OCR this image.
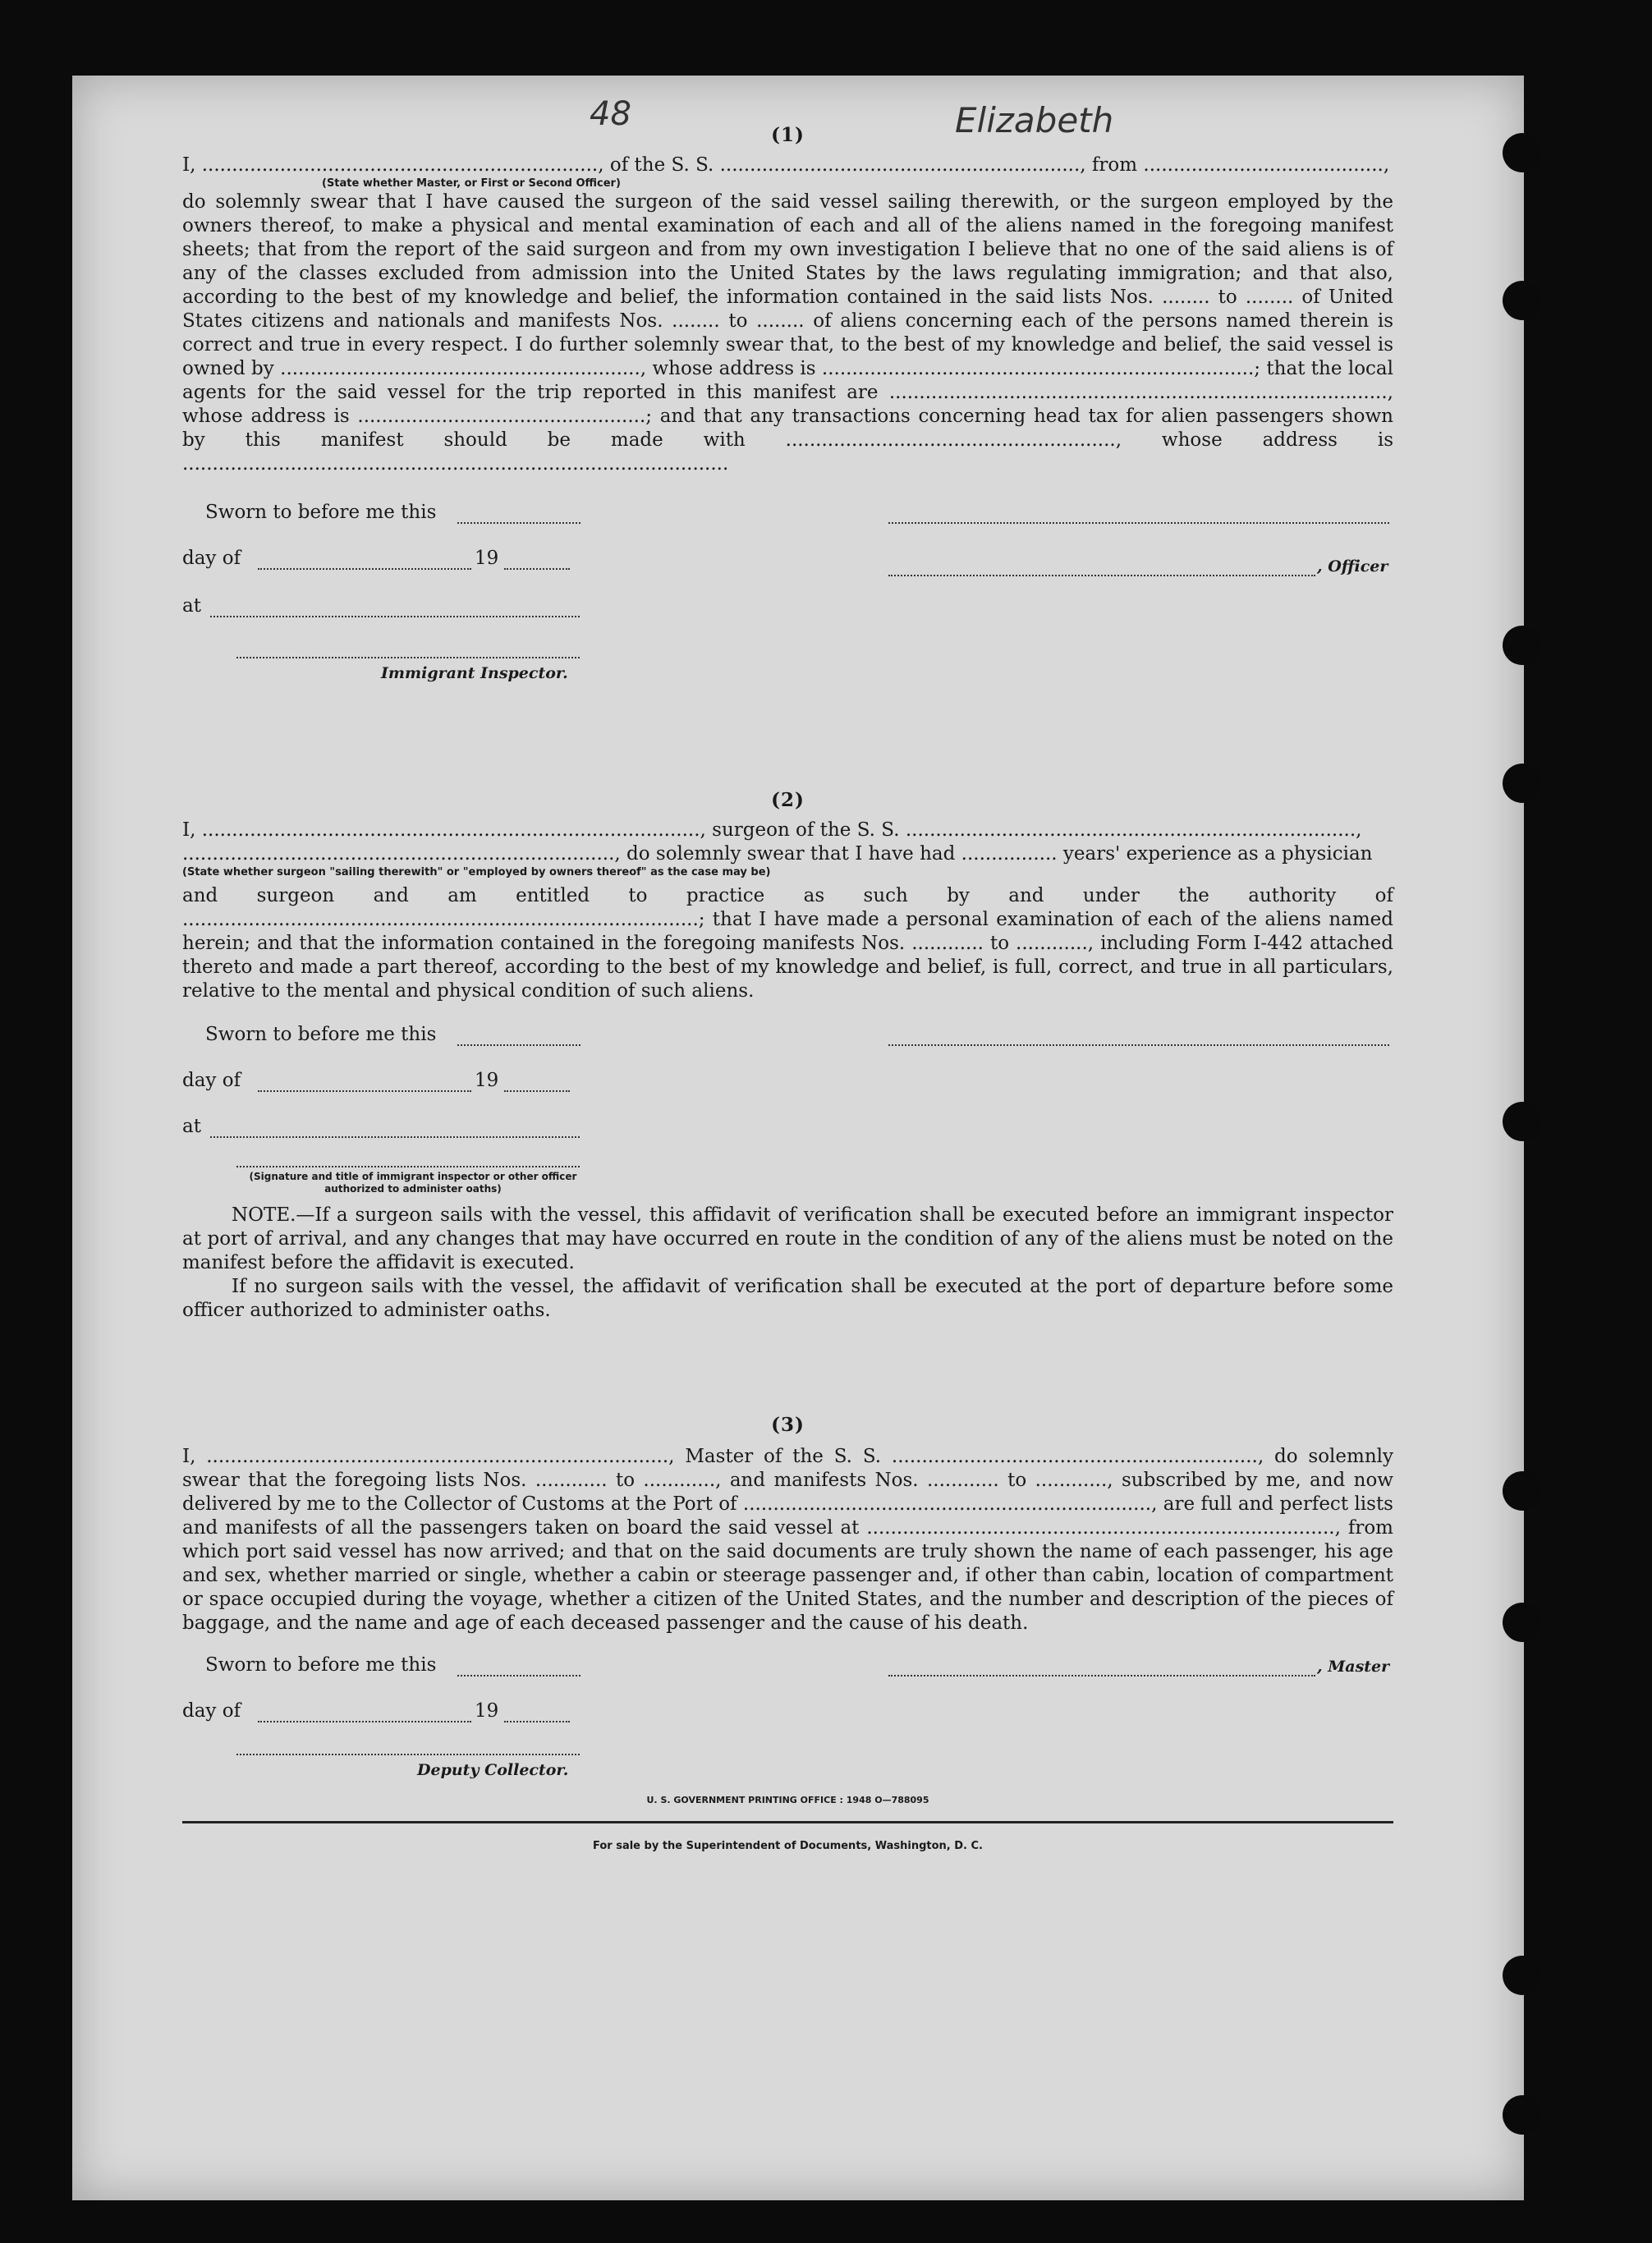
48	Elizabeth
(1)

I, .................................................................., of the S. S. ............................................................, from ........................................,

(State whether Master, or First or Second Officer)

do solemnly swear that I have caused the surgeon of the said vessel sailing therewith, or the surgeon employed by the owners thereof, to make a physical and mental examination of each and all of the aliens named in the foregoing manifest sheets; that from the report of the said surgeon and from my own investigation I believe that no one of the said aliens is of any of the classes excluded from admission into the United States by the laws regulating immigration; and that also, according to the best of my knowledge and belief, the information contained in the said lists Nos. ........ to ........ of United States citizens and nationals and manifests Nos. ........ to ........ of aliens concerning each of the persons named therein is correct and true in every respect. I do further solemnly swear that, to the best of my knowledge and belief, the said vessel is owned by ............................................................, whose address is ........................................................................; that the local agents for the said vessel for the trip reported in this manifest are ..................................................................................., whose address is ................................................; and that any transactions concerning head tax for alien passengers shown by this manifest should be made with ......................................................., whose address is ...........................................................................................

Sworn to before me this
day of	19	, Officer
at
Immigrant Inspector.
(2)

I, ..................................................................................., surgeon of the S. S. ...........................................................................,

........................................................................, do solemnly swear that I have had ................ years' experience as a physician

(State whether surgeon "sailing therewith" or "employed by owners thereof" as the case may be)

and surgeon and am entitled to practice as such by and under the authority of ......................................................................................; that I have made a personal examination of each of the aliens named herein; and that the information contained in the foregoing manifests Nos. ............ to ............, including Form I-442 attached thereto and made a part thereof, according to the best of my knowledge and belief, is full, correct, and true in all particulars, relative to the mental and physical condition of such aliens.

Sworn to before me this
day of	19
at
(Signature and title of immigrant inspector or other officer authorized to administer oaths)

NOTE.—If a surgeon sails with the vessel, this affidavit of verification shall be executed before an immigrant inspector at port of arrival, and any changes that may have occurred en route in the condition of any of the aliens must be noted on the manifest before the affidavit is executed.

If no surgeon sails with the vessel, the affidavit of verification shall be executed at the port of departure before some officer authorized to administer oaths.

(3)

I, ............................................................................., Master of the S. S. ............................................................., do solemnly swear that the foregoing lists Nos. ............ to ............, and manifests Nos. ............ to ............, subscribed by me, and now delivered by me to the Collector of Customs at the Port of ...................................................................., are full and perfect lists and manifests of all the passengers taken on board the said vessel at .............................................................................., from which port said vessel has now arrived; and that on the said documents are truly shown the name of each passenger, his age and sex, whether married or single, whether a cabin or steerage passenger and, if other than cabin, location of compartment or space occupied during the voyage, whether a citizen of the United States, and the number and description of the pieces of baggage, and the name and age of each deceased passenger and the cause of his death.

Sworn to before me this	, Master
day of	19
Deputy Collector.
U. S. GOVERNMENT PRINTING OFFICE : 1948 O—788095
For sale by the Superintendent of Documents, Washington, D. C.
